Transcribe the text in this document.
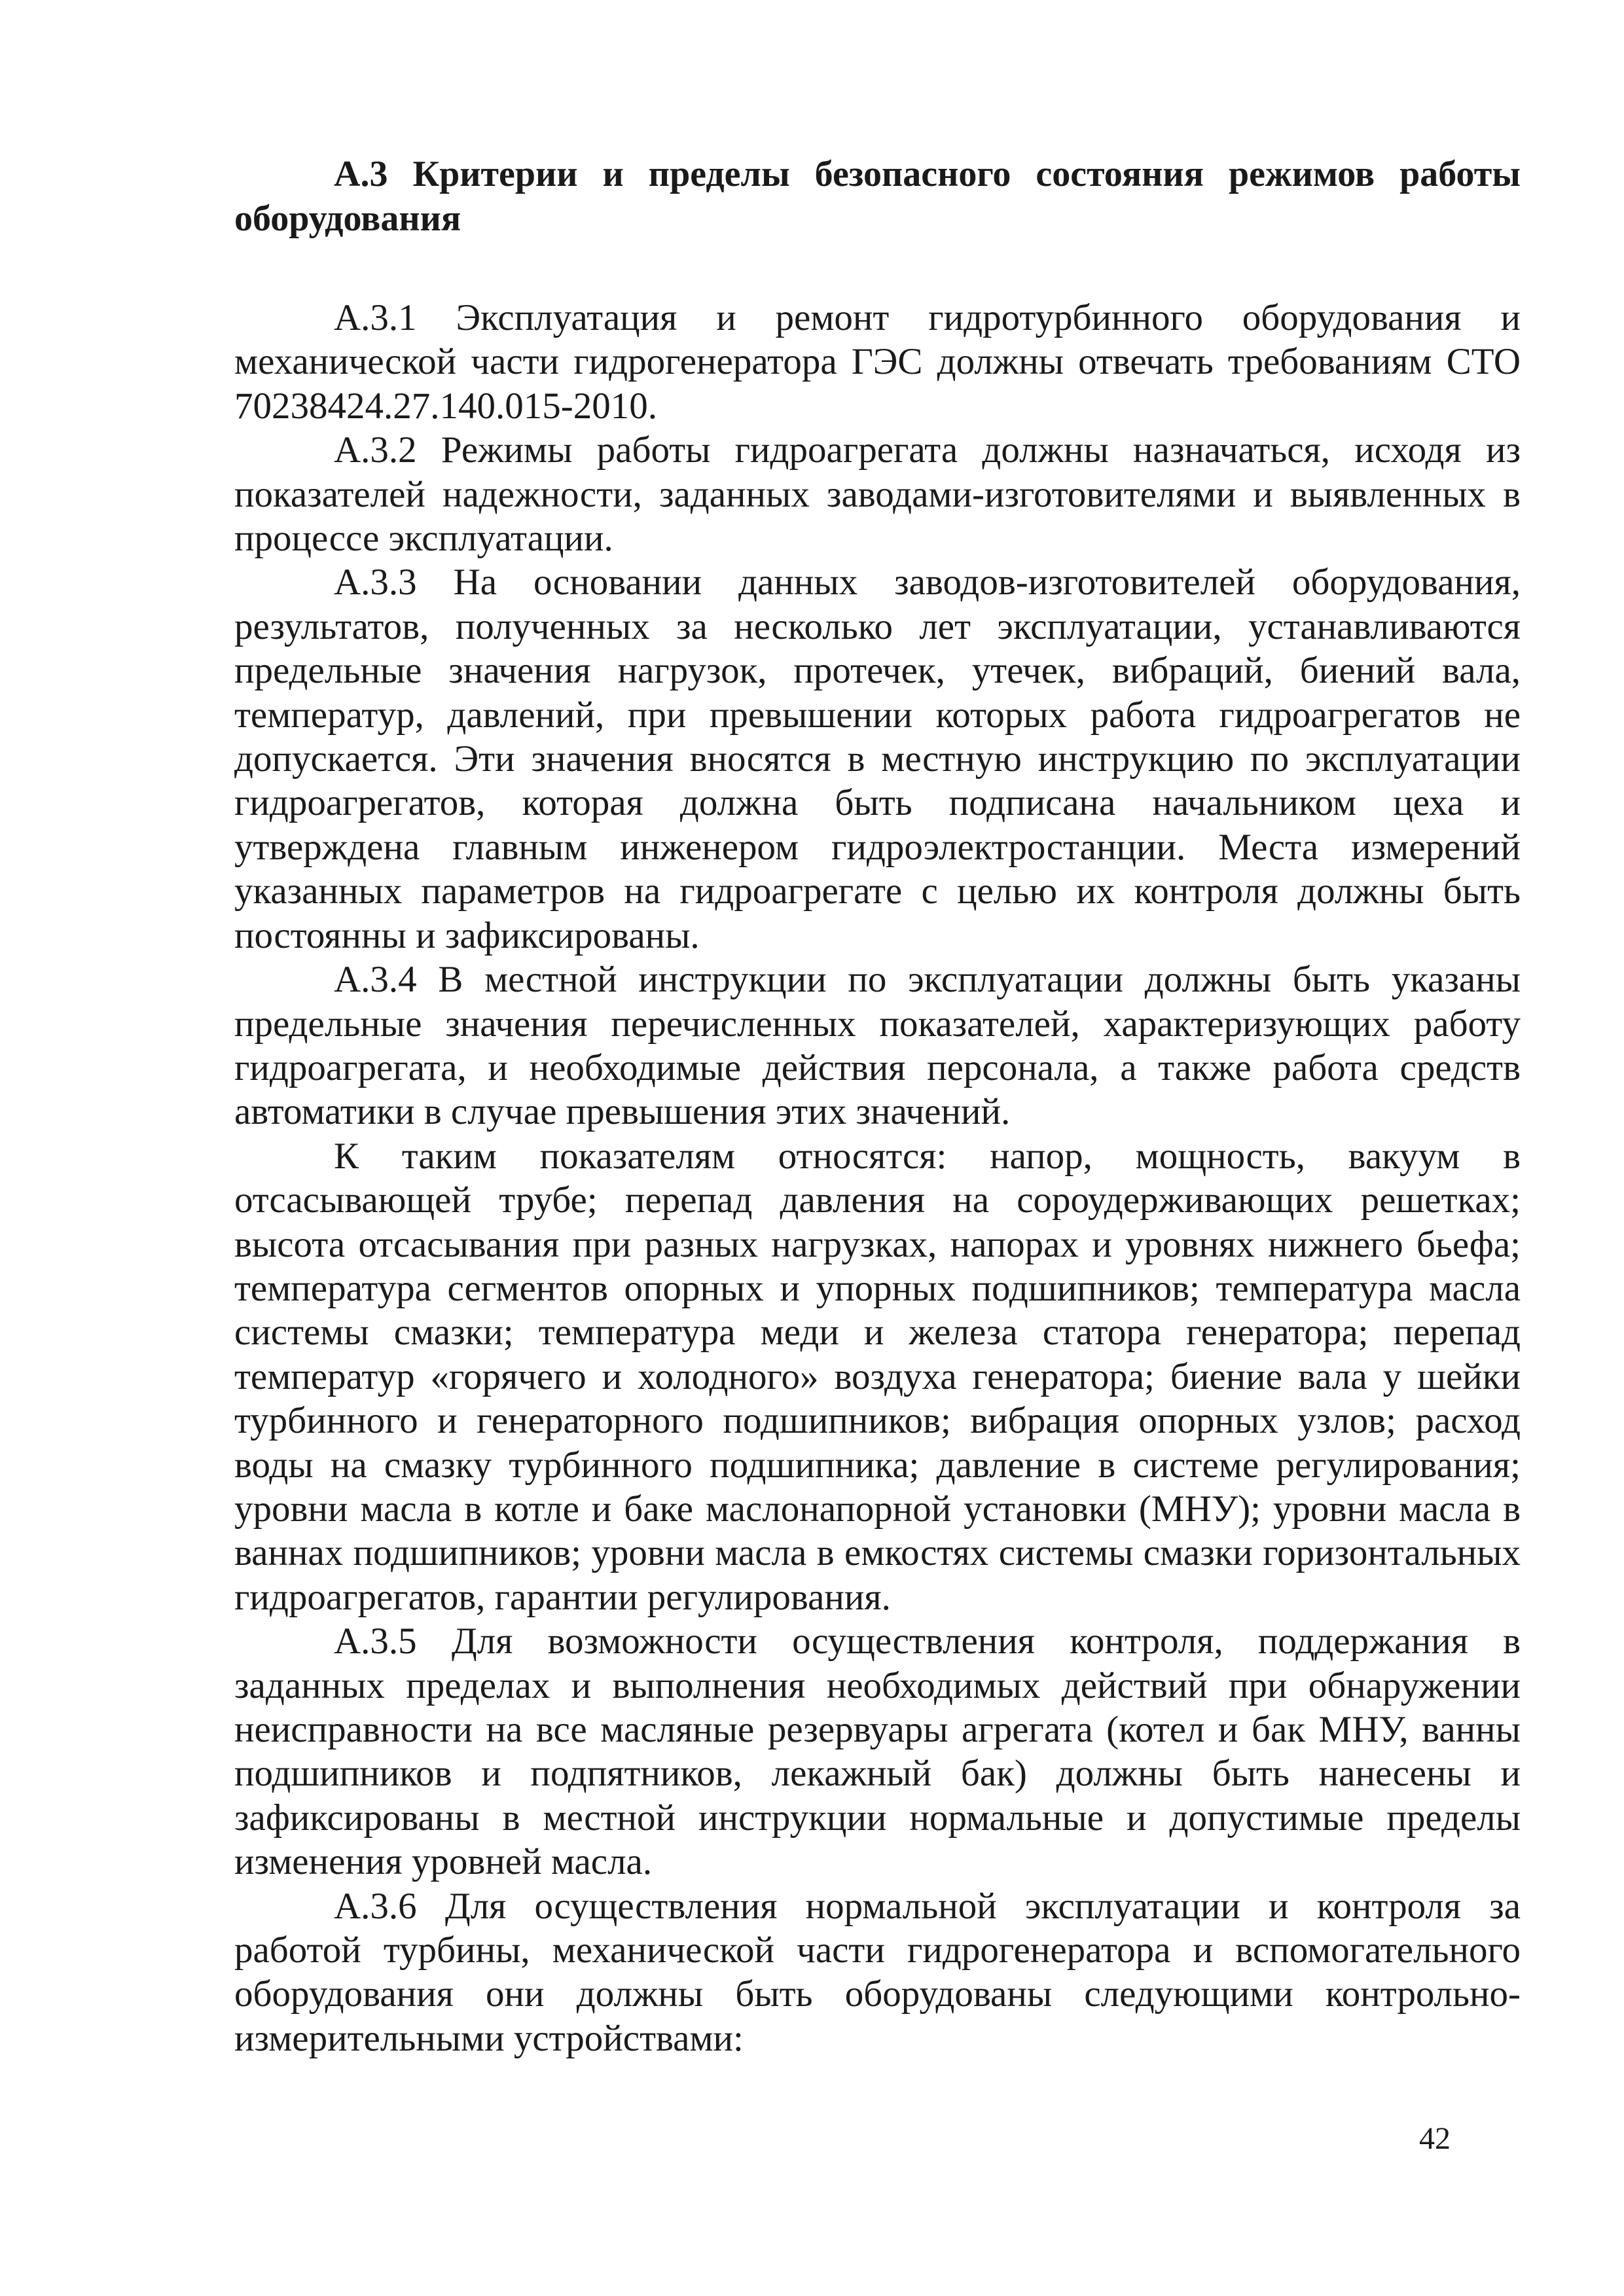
А.3 Критерии и пределы безопасного состояния режимов работы оборудования

А.3.1 Эксплуатация и ремонт гидротурбинного оборудования и механической части гидрогенератора ГЭС должны отвечать требованиям СТО 70238424.27.140.015-2010.

А.3.2 Режимы работы гидроагрегата должны назначаться, исходя из показателей надежности, заданных заводами-изготовителями и выявленных в процессе эксплуатации.

А.3.3 На основании данных заводов-изготовителей оборудования, результатов, полученных за несколько лет эксплуатации, устанавливаются предельные значения нагрузок, протечек, утечек, вибраций, биений вала, температур, давлений, при превышении которых работа гидроагрегатов не допускается. Эти значения вносятся в местную инструкцию по эксплуатации гидроагрегатов, которая должна быть подписана начальником цеха и утверждена главным инженером гидроэлектростанции. Места измерений указанных параметров на гидроагрегате с целью их контроля должны быть постоянны и зафиксированы.

А.3.4 В местной инструкции по эксплуатации должны быть указаны предельные значения перечисленных показателей, характеризующих работу гидроагрегата, и необходимые действия персонала, а также работа средств автоматики в случае превышения этих значений.

К таким показателям относятся: напор, мощность, вакуум в отсасывающей трубе; перепад давления на сороудерживающих решетках; высота отсасывания при разных нагрузках, напорах и уровнях нижнего бьефа; температура сегментов опорных и упорных подшипников; температура масла системы смазки; температура меди и железа статора генератора; перепад температур «горячего и холодного» воздуха генератора; биение вала у шейки турбинного и генераторного подшипников; вибрация опорных узлов; расход воды на смазку турбинного подшипника; давление в системе регулирования; уровни масла в котле и баке маслонапорной установки (МНУ); уровни масла в ваннах подшипников; уровни масла в емкостях системы смазки горизонтальных гидроагрегатов, гарантии регулирования.

А.3.5 Для возможности осуществления контроля, поддержания в заданных пределах и выполнения необходимых действий при обнаружении неисправности на все масляные резервуары агрегата (котел и бак МНУ, ванны подшипников и подпятников, лекажный бак) должны быть нанесены и зафиксированы в местной инструкции нормальные и допустимые пределы изменения уровней масла.

А.3.6 Для осуществления нормальной эксплуатации и контроля за работой турбины, механической части гидрогенератора и вспомогательного оборудования они должны быть оборудованы следующими контрольно-измерительными устройствами:

42
